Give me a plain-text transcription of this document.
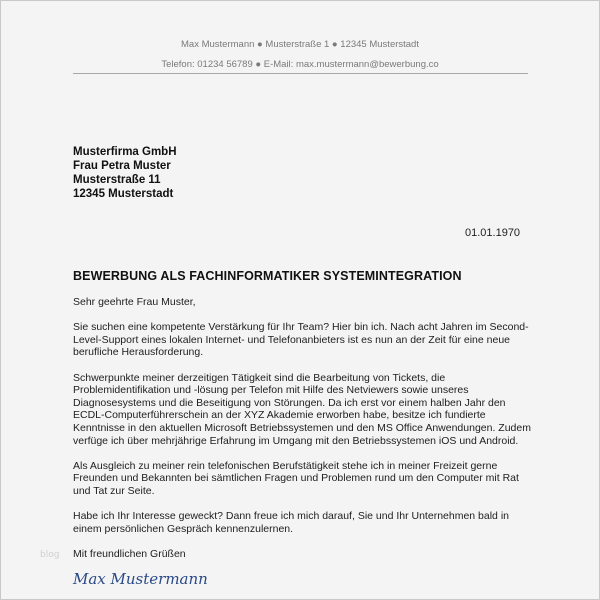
Max Mustermann ● Musterstraße 1 ● 12345 Musterstadt
Telefon: 01234 56789 ● E-Mail: max.mustermann@bewerbung.co
Musterfirma GmbH
Frau Petra Muster
Musterstraße 11
12345 Musterstadt
01.01.1970
BEWERBUNG ALS FACHINFORMATIKER SYSTEMINTEGRATION

Sehr geehrte Frau Muster,

Sie suchen eine kompetente Verstärkung für Ihr Team? Hier bin ich. Nach acht Jahren im Second-Level-Support eines lokalen Internet- und Telefonanbieters ist es nun an der Zeit für eine neue berufliche Herausforderung.

Schwerpunkte meiner derzeitigen Tätigkeit sind die Bearbeitung von Tickets, die Problemidentifikation und -lösung per Telefon mit Hilfe des Netviewers sowie unseres Diagnosesystems und die Beseitigung von Störungen. Da ich erst vor einem halben Jahr den ECDL-Computerführerschein an der XYZ Akademie erworben habe, besitze ich fundierte Kenntnisse in den aktuellen Microsoft Betriebssystemen und den MS Office Anwendungen. Zudem verfüge ich über mehrjährige Erfahrung im Umgang mit den Betriebssystemen iOS und Android.

Als Ausgleich zu meiner rein telefonischen Berufstätigkeit stehe ich in meiner Freizeit gerne Freunden und Bekannten bei sämtlichen Fragen und Problemen rund um den Computer mit Rat und Tat zur Seite.

Habe ich Ihr Interesse geweckt? Dann freue ich mich darauf, Sie und Ihr Unternehmen bald in einem persönlichen Gespräch kennenzulernen.

Mit freundlichen Grüßen

Max Mustermann
blog
